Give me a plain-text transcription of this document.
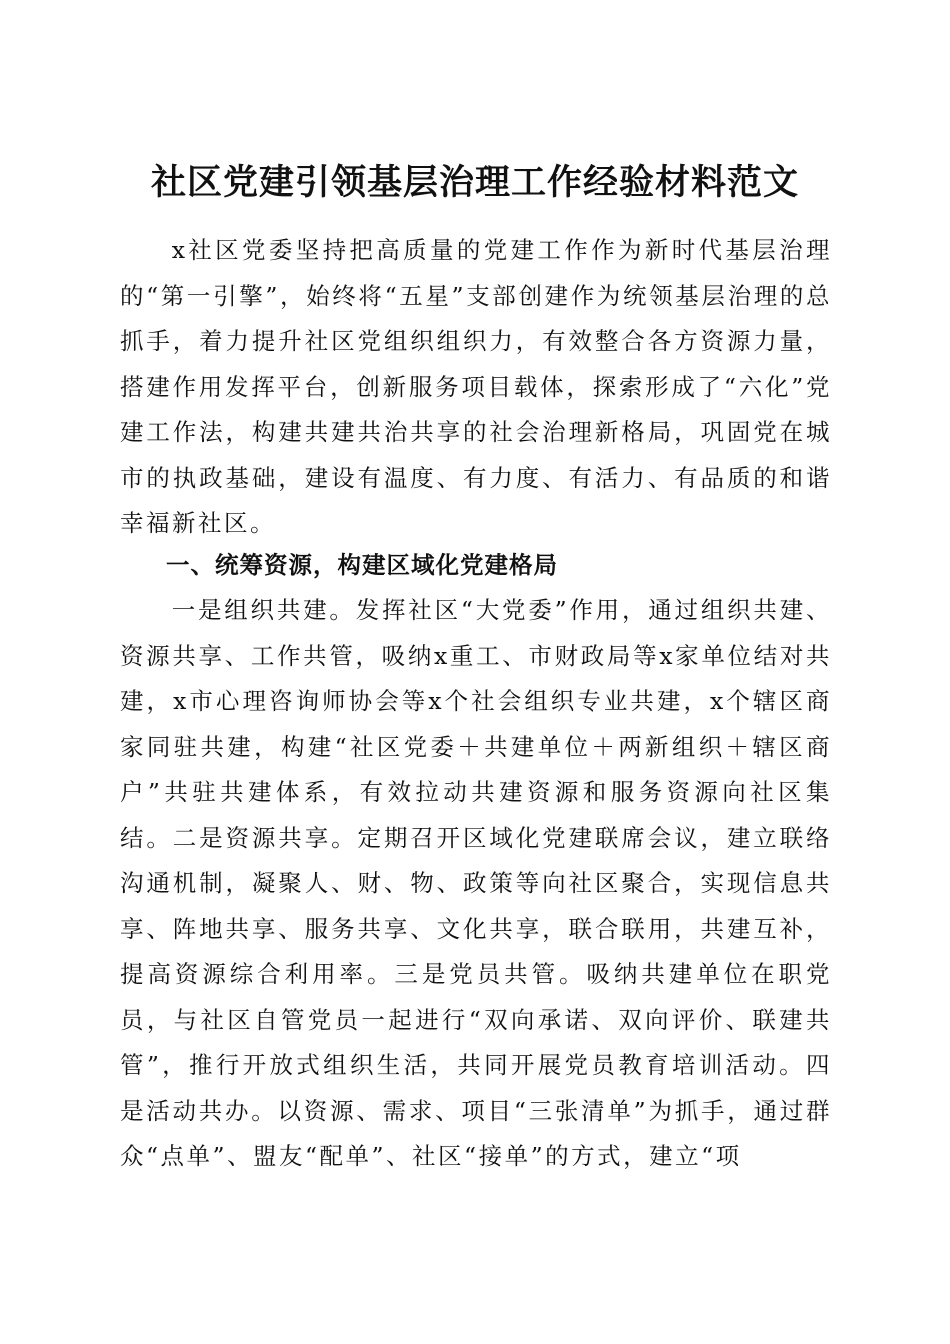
社区党建引领基层治理工作经验材料范文

x社区党委坚持把高质量的党建工作作为新时代基层治理的“第一引擎”，始终将“五星”支部创建作为统领基层治理的总抓手，着力提升社区党组织组织力，有效整合各方资源力量，搭建作用发挥平台，创新服务项目载体，探索形成了“六化”党建工作法，构建共建共治共享的社会治理新格局，巩固党在城市的执政基础，建设有温度、有力度、有活力、有品质的和谐幸福新社区。

一、统筹资源，构建区域化党建格局

一是组织共建。发挥社区“大党委”作用，通过组织共建、资源共享、工作共管，吸纳x重工、市财政局等x家单位结对共建，x市心理咨询师协会等x个社会组织专业共建，x个辖区商家同驻共建，构建“社区党委＋共建单位＋两新组织＋辖区商户”共驻共建体系，有效拉动共建资源和服务资源向社区集结。二是资源共享。定期召开区域化党建联席会议，建立联络沟通机制，凝聚人、财、物、政策等向社区聚合，实现信息共享、阵地共享、服务共享、文化共享，联合联用，共建互补，提高资源综合利用率。三是党员共管。吸纳共建单位在职党员，与社区自管党员一起进行“双向承诺、双向评价、联建共管”，推行开放式组织生活，共同开展党员教育培训活动。四是活动共办。以资源、需求、项目“三张清单”为抓手，通过群众“点单”、盟友“配单”、社区“接单”的方式，建立“项
